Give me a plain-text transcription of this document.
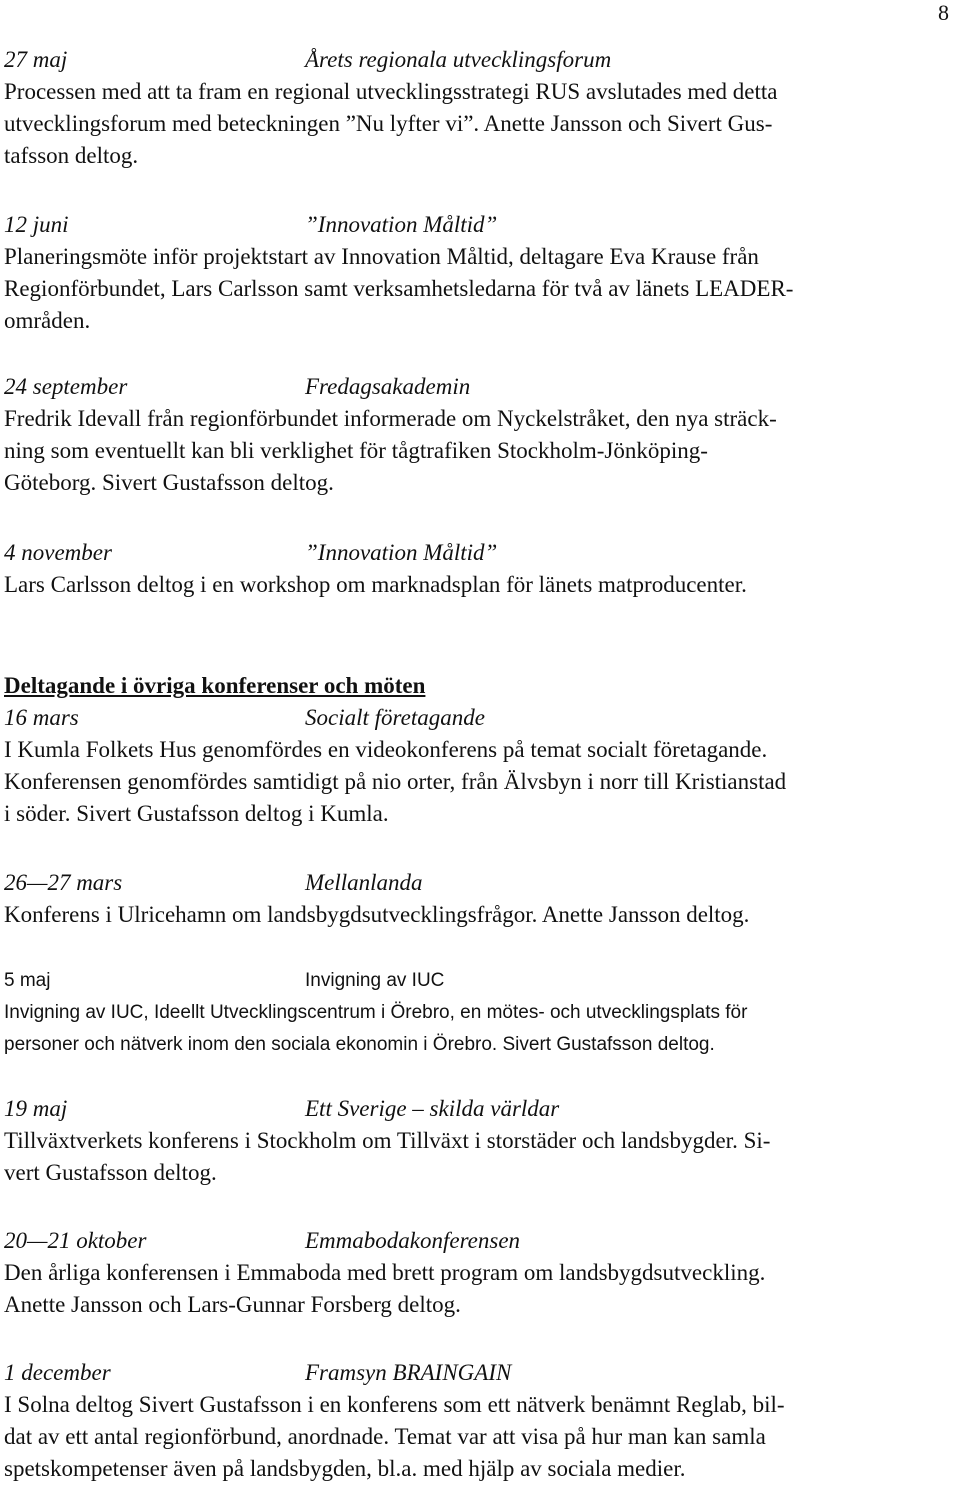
8
27 maj	Årets regionala utvecklingsforum
Processen med att ta fram en regional utvecklingsstrategi RUS avslutades med detta
utvecklingsforum med beteckningen ”Nu lyfter vi”. Anette Jansson och Sivert Gus-
tafsson deltog.
12 juni	”Innovation Måltid”
Planeringsmöte inför projektstart av Innovation Måltid, deltagare Eva Krause från
Regionförbundet, Lars Carlsson samt verksamhetsledarna för två av länets LEADER-
områden.
24 september	Fredagsakademin
Fredrik Idevall från regionförbundet informerade om Nyckelstråket, den nya sträck-
ning som eventuellt kan bli verklighet för tågtrafiken Stockholm-Jönköping-
Göteborg. Sivert Gustafsson deltog.
4 november	”Innovation Måltid”
Lars Carlsson deltog i en workshop om marknadsplan för länets matproducenter.
Deltagande i övriga konferenser och möten
16 mars	Socialt företagande
I Kumla Folkets Hus genomfördes en videokonferens på temat socialt företagande.
Konferensen genomfördes samtidigt på nio orter, från Älvsbyn i norr till Kristianstad
i söder. Sivert Gustafsson deltog i Kumla.
26—27 mars	Mellanlanda
Konferens i Ulricehamn om landsbygdsutvecklingsfrågor. Anette Jansson deltog.
5 maj	Invigning av IUC
Invigning av IUC, Ideellt Utvecklingscentrum i Örebro, en mötes- och utvecklingsplats för
personer och nätverk inom den sociala ekonomin i Örebro. Sivert Gustafsson deltog.
19 maj	Ett Sverige – skilda världar
Tillväxtverkets konferens i Stockholm om Tillväxt i storstäder och landsbygder. Si-
vert Gustafsson deltog.
20—21 oktober	Emmabodakonferensen
Den årliga konferensen i Emmaboda med brett program om landsbygdsutveckling.
Anette Jansson och Lars-Gunnar Forsberg deltog.
1 december	Framsyn BRAINGAIN
I Solna deltog Sivert Gustafsson i en konferens som ett nätverk benämnt Reglab, bil-
dat av ett antal regionförbund, anordnade. Temat var att visa på hur man kan samla
spetskompetenser även på landsbygden, bl.a. med hjälp av sociala medier.
